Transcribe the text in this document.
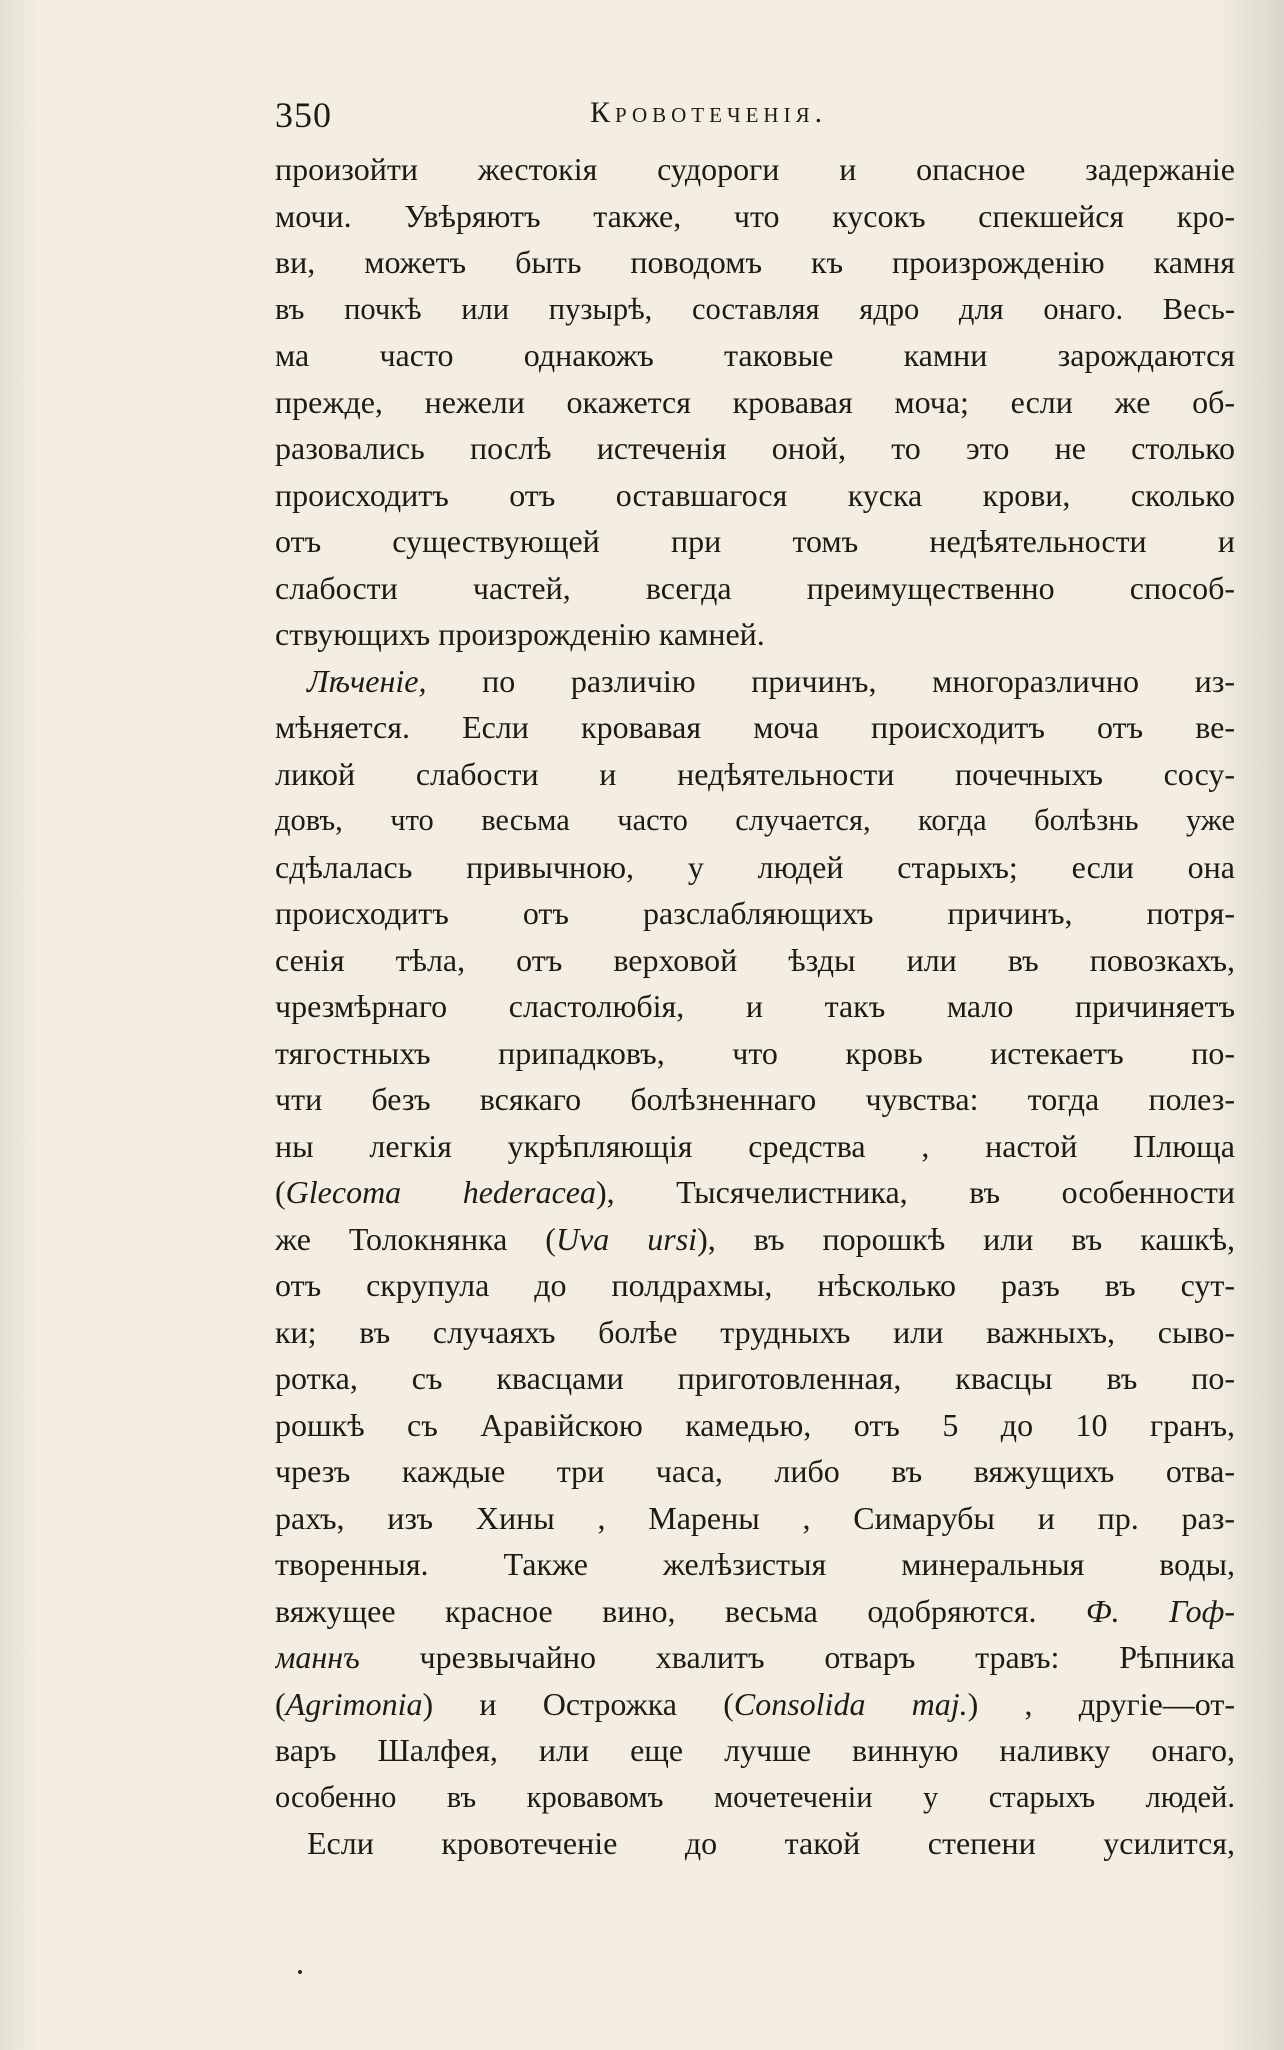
350	Кровотеченія.
произойти жестокія судороги и опасное задержаніе
мочи. Увѣряютъ также, что кусокъ спекшейся кро-
ви, можетъ быть поводомъ къ произрожденію камня
въ почкѣ или пузырѣ, составляя ядро для онаго. Весь-
ма часто однакожъ таковые камни зарождаются
прежде, нежели окажется кровавая моча; если же об-
разовались послѣ истеченія оной, то это не столько
происходитъ отъ оставшагося куска крови, сколько
отъ существующей при томъ недѣятельности и
слабости частей, всегда преимущественно способ-
ствующихъ произрожденію камней.
Лѣченіе, по различію причинъ, многоразлично из-
мѣняется. Если кровавая моча происходитъ отъ ве-
ликой слабости и недѣятельности почечныхъ сосу-
довъ, что весьма часто случается, когда болѣзнь уже
сдѣлалась привычною, у людей старыхъ; если она
происходитъ отъ разслабляющихъ причинъ, потря-
сенія тѣла, отъ верховой ѣзды или въ повозкахъ,
чрезмѣрнаго сластолюбія, и такъ мало причиняетъ
тягостныхъ припадковъ, что кровь истекаетъ по-
чти безъ всякаго болѣзненнаго чувства: тогда полез-
ны легкія укрѣпляющія средства , настой Плюща
(Glecoma hederacea), Тысячелистника, въ особенности
же Толокнянка (Uva ursi), въ порошкѣ или въ кашкѣ,
отъ скрупула до полдрахмы, нѣсколько разъ въ сут-
ки; въ случаяхъ болѣе трудныхъ или важныхъ, сыво-
ротка, съ квасцами приготовленная, квасцы въ по-
рошкѣ съ Аравійскою камедью, отъ 5 до 10 гранъ,
чрезъ каждые три часа, либо въ вяжущихъ отва-
рахъ, изъ Хины , Марены , Симарубы и пр. раз-
творенныя. Также желѣзистыя минеральныя воды,
вяжущее красное вино, весьма одобряются. Ф. Гоф-
маннъ чрезвычайно хвалитъ отваръ травъ: Рѣпника
(Agrimonia) и Острожка (Consolida maj.) , другіе—от-
варъ Шалфея, или еще лучше винную наливку онаго,
особенно въ кровавомъ мочетеченіи у старыхъ людей.
Если кровотеченіе до такой степени усилится,
